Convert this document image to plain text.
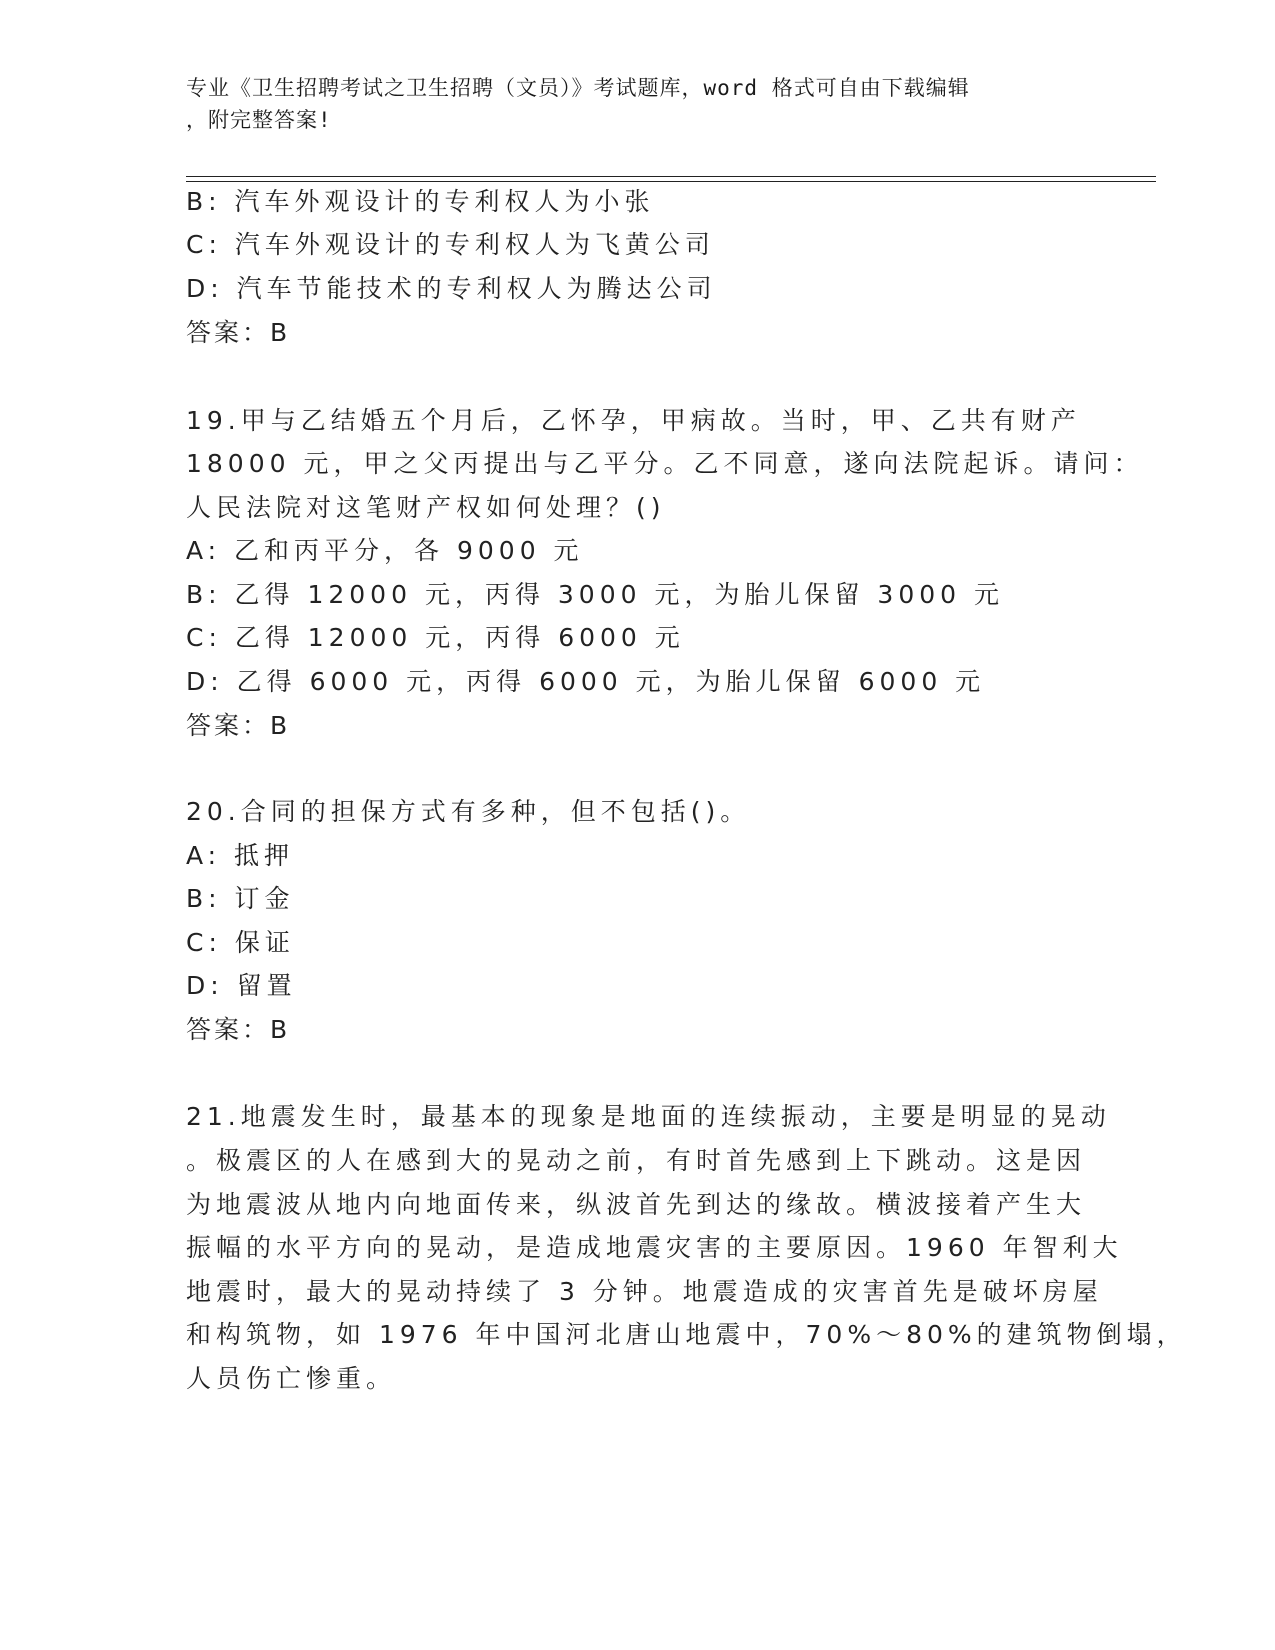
专业《卫生招聘考试之卫生招聘（文员）》考试题库，word 格式可自由下载编辑
，附完整答案!
B: 汽车外观设计的专利权人为小张
C: 汽车外观设计的专利权人为飞黄公司
D: 汽车节能技术的专利权人为腾达公司
答案：B
19.甲与乙结婚五个月后，乙怀孕，甲病故。当时，甲、乙共有财产
18000 元，甲之父丙提出与乙平分。乙不同意，遂向法院起诉。请问：
人民法院对这笔财产权如何处理？()
A: 乙和丙平分，各 9000 元
B: 乙得 12000 元，丙得 3000 元，为胎儿保留 3000 元
C: 乙得 12000 元，丙得 6000 元
D: 乙得 6000 元，丙得 6000 元，为胎儿保留 6000 元
答案：B
20.合同的担保方式有多种，但不包括()。
A: 抵押
B: 订金
C: 保证
D: 留置
答案：B
21.地震发生时，最基本的现象是地面的连续振动，主要是明显的晃动
。极震区的人在感到大的晃动之前，有时首先感到上下跳动。这是因
为地震波从地内向地面传来，纵波首先到达的缘故。横波接着产生大
振幅的水平方向的晃动，是造成地震灾害的主要原因。1960 年智利大
地震时，最大的晃动持续了 3 分钟。地震造成的灾害首先是破坏房屋
和构筑物，如 1976 年中国河北唐山地震中，70%～80%的建筑物倒塌，
人员伤亡惨重。
